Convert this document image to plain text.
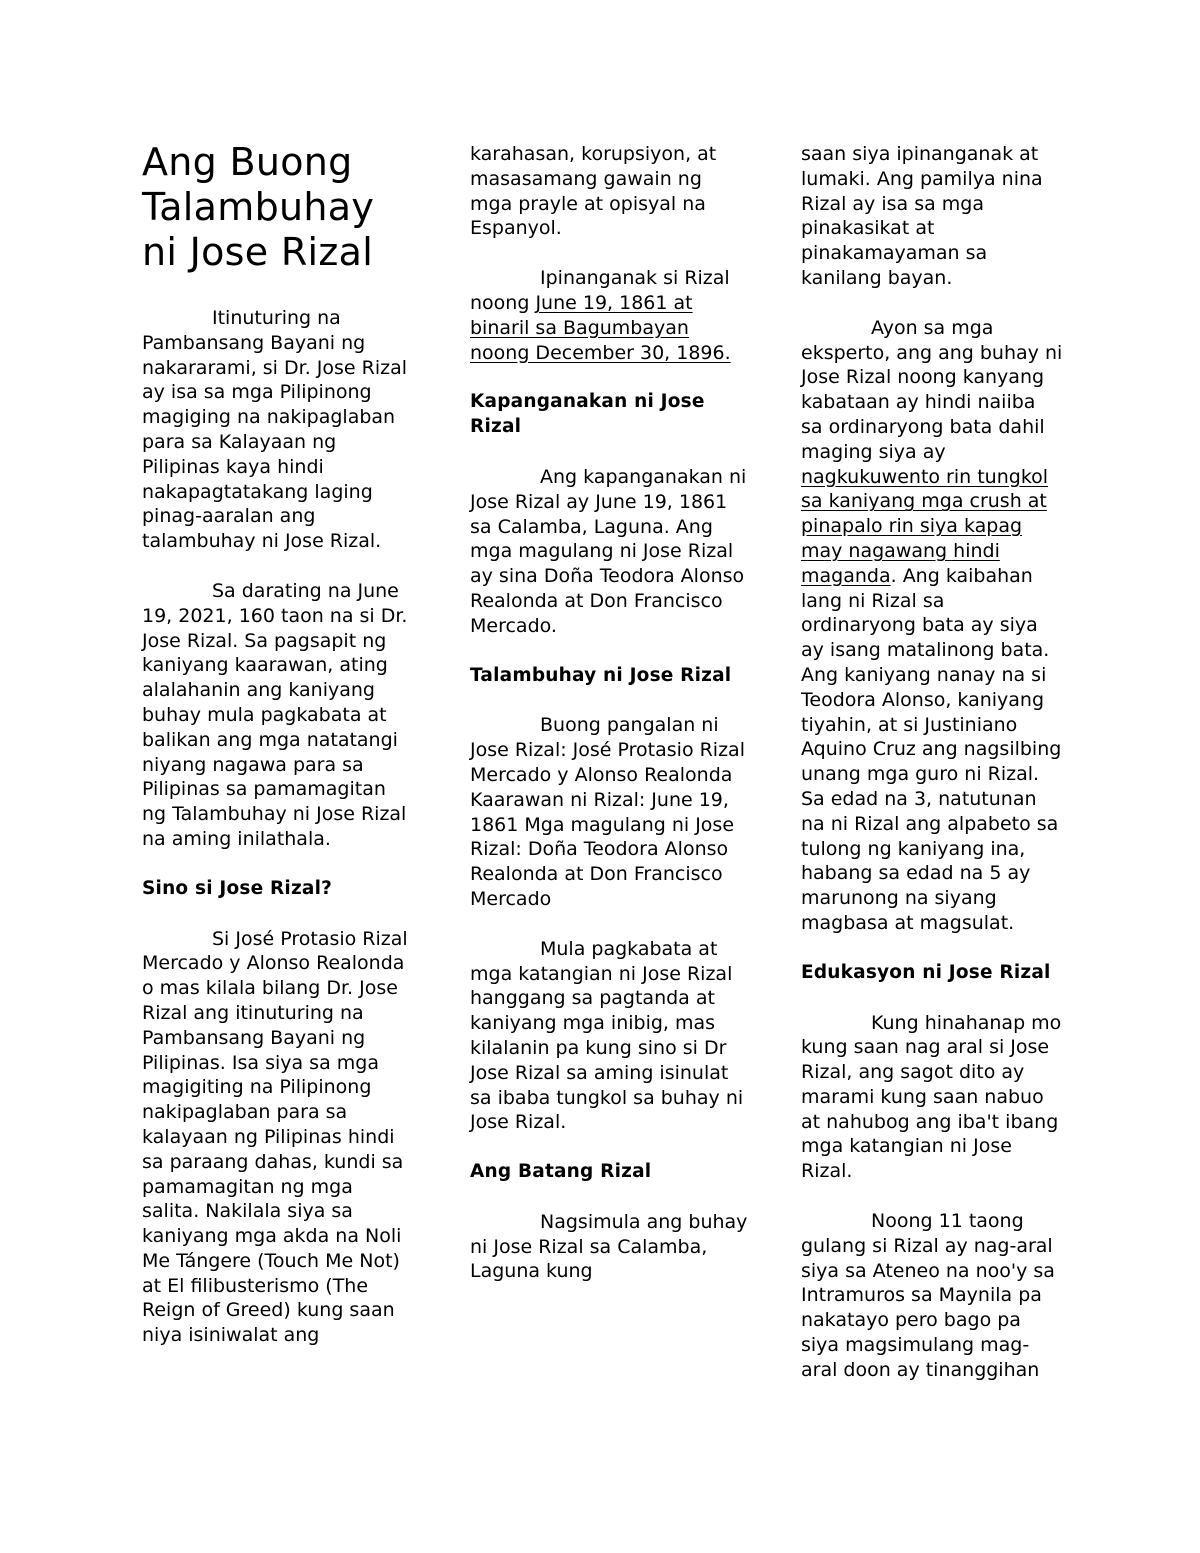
Ang Buong Talambuhay ni Jose Rizal

Itinuturing na Pambansang Bayani ng nakararami, si Dr. Jose Rizal ay isa sa mga Pilipinong magiging na nakipaglaban para sa Kalayaan ng Pilipinas kaya hindi nakapagtatakang laging pinag-aaralan ang talambuhay ni Jose Rizal.

Sa darating na June 19, 2021, 160 taon na si Dr. Jose Rizal. Sa pagsapit ng kaniyang kaarawan, ating alalahanin ang kaniyang buhay mula pagkabata at balikan ang mga natatangi niyang nagawa para sa Pilipinas sa pamamagitan ng Talambuhay ni Jose Rizal na aming inilathala.

Sino si Jose Rizal?

Si José Protasio Rizal Mercado y Alonso Realonda o mas kilala bilang Dr. Jose Rizal ang itinuturing na Pambansang Bayani ng Pilipinas. Isa siya sa mga magigiting na Pilipinong nakipaglaban para sa kalayaan ng Pilipinas hindi sa paraang dahas, kundi sa pamamagitan ng mga salita. Nakilala siya sa kaniyang mga akda na Noli Me Tángere (Touch Me Not) at El filibusterismo (The Reign of Greed) kung saan niya isiniwalat ang

karahasan, korupsiyon, at masasamang gawain ng mga prayle at opisyal na Espanyol.

Ipinanganak si Rizal noong June 19, 1861 at binaril sa Bagumbayan noong December 30, 1896.

Kapanganakan ni Jose Rizal

Ang kapanganakan ni Jose Rizal ay June 19, 1861 sa Calamba, Laguna. Ang mga magulang ni Jose Rizal ay sina Doña Teodora Alonso Realonda at Don Francisco Mercado.

Talambuhay ni Jose Rizal

Buong pangalan ni Jose Rizal: José Protasio Rizal Mercado y Alonso Realonda Kaarawan ni Rizal: June 19, 1861 Mga magulang ni Jose Rizal: Doña Teodora Alonso Realonda at Don Francisco Mercado

Mula pagkabata at mga katangian ni Jose Rizal hanggang sa pagtanda at kaniyang mga inibig, mas kilalanin pa kung sino si Dr Jose Rizal sa aming isinulat sa ibaba tungkol sa buhay ni Jose Rizal.

Ang Batang Rizal

Nagsimula ang buhay ni Jose Rizal sa Calamba, Laguna kung

saan siya ipinanganak at lumaki. Ang pamilya nina Rizal ay isa sa mga pinakasikat at pinakamayaman sa kanilang bayan.

Ayon sa mga eksperto, ang ang buhay ni Jose Rizal noong kanyang kabataan ay hindi naiiba sa ordinaryong bata dahil maging siya ay nagkukuwento rin tungkol sa kaniyang mga crush at pinapalo rin siya kapag may nagawang hindi maganda. Ang kaibahan lang ni Rizal sa ordinaryong bata ay siya ay isang matalinong bata. Ang kaniyang nanay na si Teodora Alonso, kaniyang tiyahin, at si Justiniano Aquino Cruz ang nagsilbing unang mga guro ni Rizal. Sa edad na 3, natutunan na ni Rizal ang alpabeto sa tulong ng kaniyang ina, habang sa edad na 5 ay marunong na siyang magbasa at magsulat.

Edukasyon ni Jose Rizal

Kung hinahanap mo kung saan nag aral si Jose Rizal, ang sagot dito ay marami kung saan nabuo at nahubog ang iba't ibang mga katangian ni Jose Rizal.

Noong 11 taong gulang si Rizal ay nag-aral siya sa Ateneo na noo'y sa Intramuros sa Maynila pa nakatayo pero bago pa siya magsimulang mag-aral doon ay tinanggihan
